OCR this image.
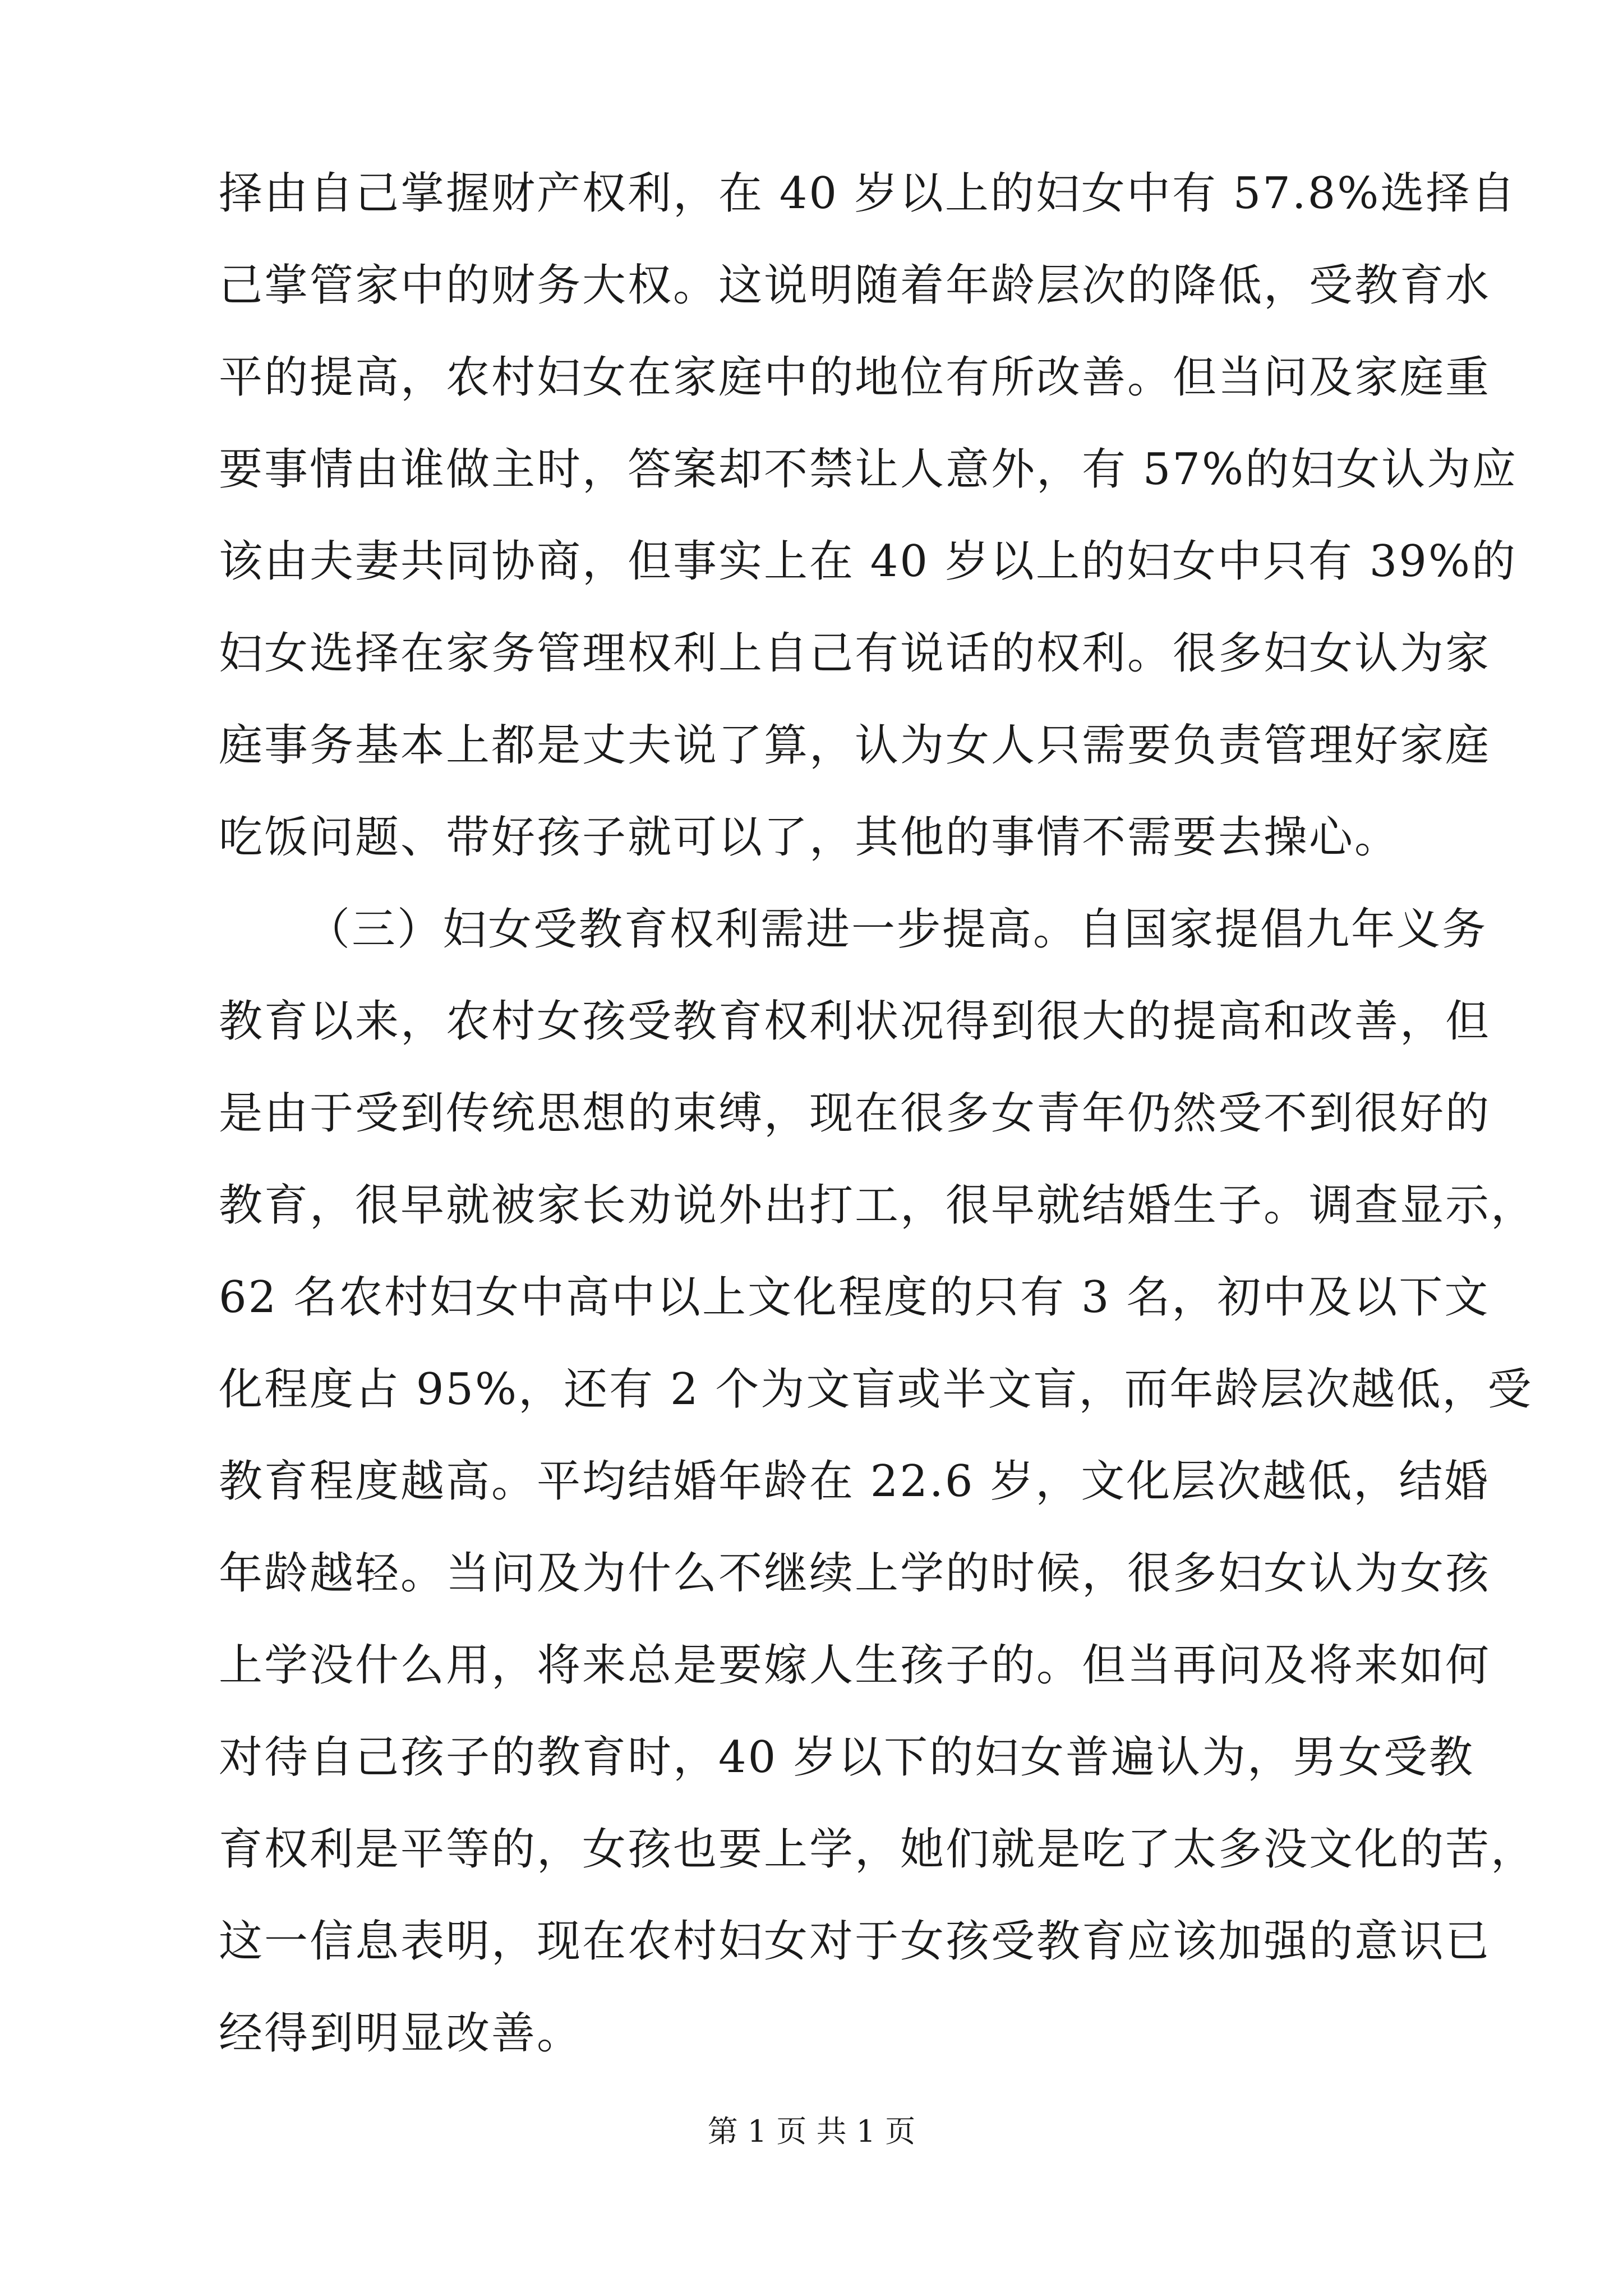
择由自己掌握财产权利，在 40 岁以上的妇女中有 57.8%选择自
己掌管家中的财务大权。这说明随着年龄层次的降低，受教育水
平的提高，农村妇女在家庭中的地位有所改善。但当问及家庭重
要事情由谁做主时，答案却不禁让人意外，有 57%的妇女认为应
该由夫妻共同协商，但事实上在 40 岁以上的妇女中只有 39%的
妇女选择在家务管理权利上自己有说话的权利。很多妇女认为家
庭事务基本上都是丈夫说了算，认为女人只需要负责管理好家庭
吃饭问题、带好孩子就可以了，其他的事情不需要去操心。
（三）妇女受教育权利需进一步提高。自国家提倡九年义务
教育以来，农村女孩受教育权利状况得到很大的提高和改善，但
是由于受到传统思想的束缚，现在很多女青年仍然受不到很好的
教育，很早就被家长劝说外出打工，很早就结婚生子。调查显示，
62 名农村妇女中高中以上文化程度的只有 3 名，初中及以下文
化程度占 95%，还有 2 个为文盲或半文盲，而年龄层次越低，受
教育程度越高。平均结婚年龄在 22.6 岁，文化层次越低，结婚
年龄越轻。当问及为什么不继续上学的时候，很多妇女认为女孩
上学没什么用，将来总是要嫁人生孩子的。但当再问及将来如何
对待自己孩子的教育时，40 岁以下的妇女普遍认为，男女受教
育权利是平等的，女孩也要上学，她们就是吃了太多没文化的苦，
这一信息表明，现在农村妇女对于女孩受教育应该加强的意识已
经得到明显改善。
第 1 页 共 1 页
